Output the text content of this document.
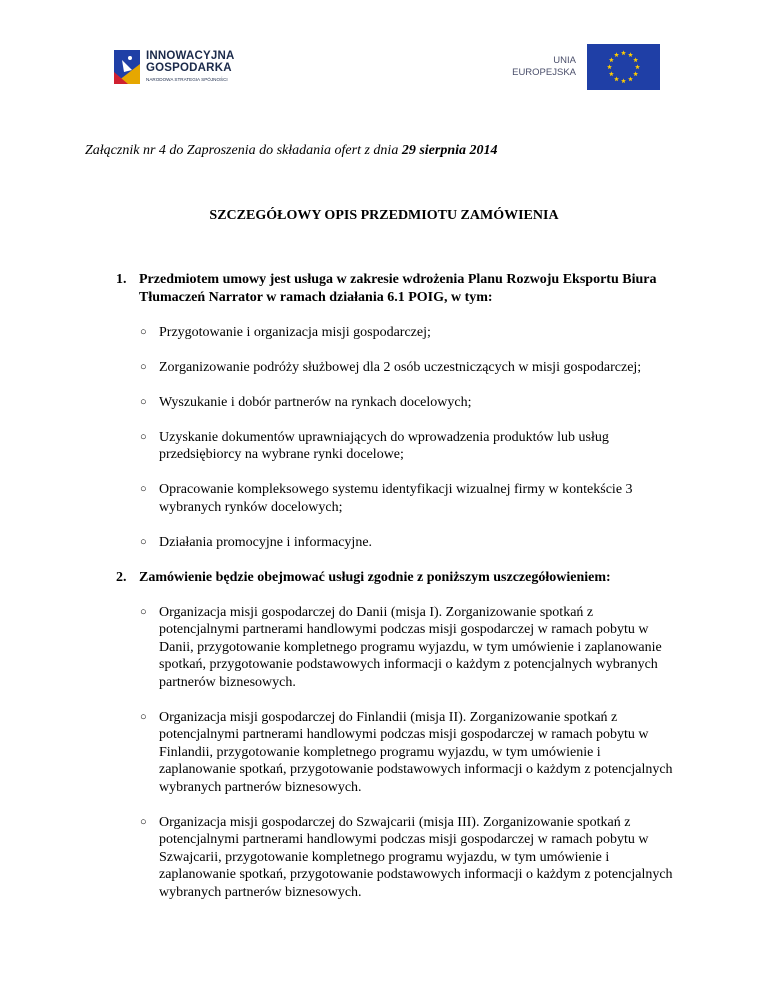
INNOWACYJNA
GOSPODARKA
NARODOWA STRATEGIA SPÓJNOŚCI
UNIA
EUROPEJSKA
Załącznik nr 4 do Zaproszenia do składania ofert z dnia 29 sierpnia 2014
SZCZEGÓŁOWY OPIS PRZEDMIOTU ZAMÓWIENIA
1. Przedmiotem umowy jest usługa w zakresie wdrożenia Planu Rozwoju Eksportu Biura Tłumaczeń Narrator w ramach działania 6.1 POIG, w tym:
○ Przygotowanie i organizacja misji gospodarczej;
○ Zorganizowanie podróży służbowej dla 2 osób uczestniczących w misji gospodarczej;
○ Wyszukanie i dobór partnerów na rynkach docelowych;
○ Uzyskanie dokumentów uprawniających do wprowadzenia produktów lub usług przedsiębiorcy na wybrane rynki docelowe;
○ Opracowanie kompleksowego systemu identyfikacji wizualnej firmy w kontekście 3 wybranych rynków docelowych;
○ Działania promocyjne i informacyjne.
2. Zamówienie będzie obejmować usługi zgodnie z poniższym uszczegółowieniem:
○ Organizacja misji gospodarczej do Danii (misja I). Zorganizowanie spotkań z potencjalnymi partnerami handlowymi podczas misji gospodarczej w ramach pobytu w Danii, przygotowanie kompletnego programu wyjazdu, w tym umówienie i zaplanowanie spotkań, przygotowanie podstawowych informacji o każdym z potencjalnych wybranych partnerów biznesowych.
○ Organizacja misji gospodarczej do Finlandii (misja II). Zorganizowanie spotkań z potencjalnymi partnerami handlowymi podczas misji gospodarczej w ramach pobytu w Finlandii, przygotowanie kompletnego programu wyjazdu, w tym umówienie i zaplanowanie spotkań, przygotowanie podstawowych informacji o każdym z potencjalnych wybranych partnerów biznesowych.
○ Organizacja misji gospodarczej do Szwajcarii (misja III). Zorganizowanie spotkań z potencjalnymi partnerami handlowymi podczas misji gospodarczej w ramach pobytu w Szwajcarii, przygotowanie kompletnego programu wyjazdu, w tym umówienie i zaplanowanie spotkań, przygotowanie podstawowych informacji o każdym z potencjalnych wybranych partnerów biznesowych.
